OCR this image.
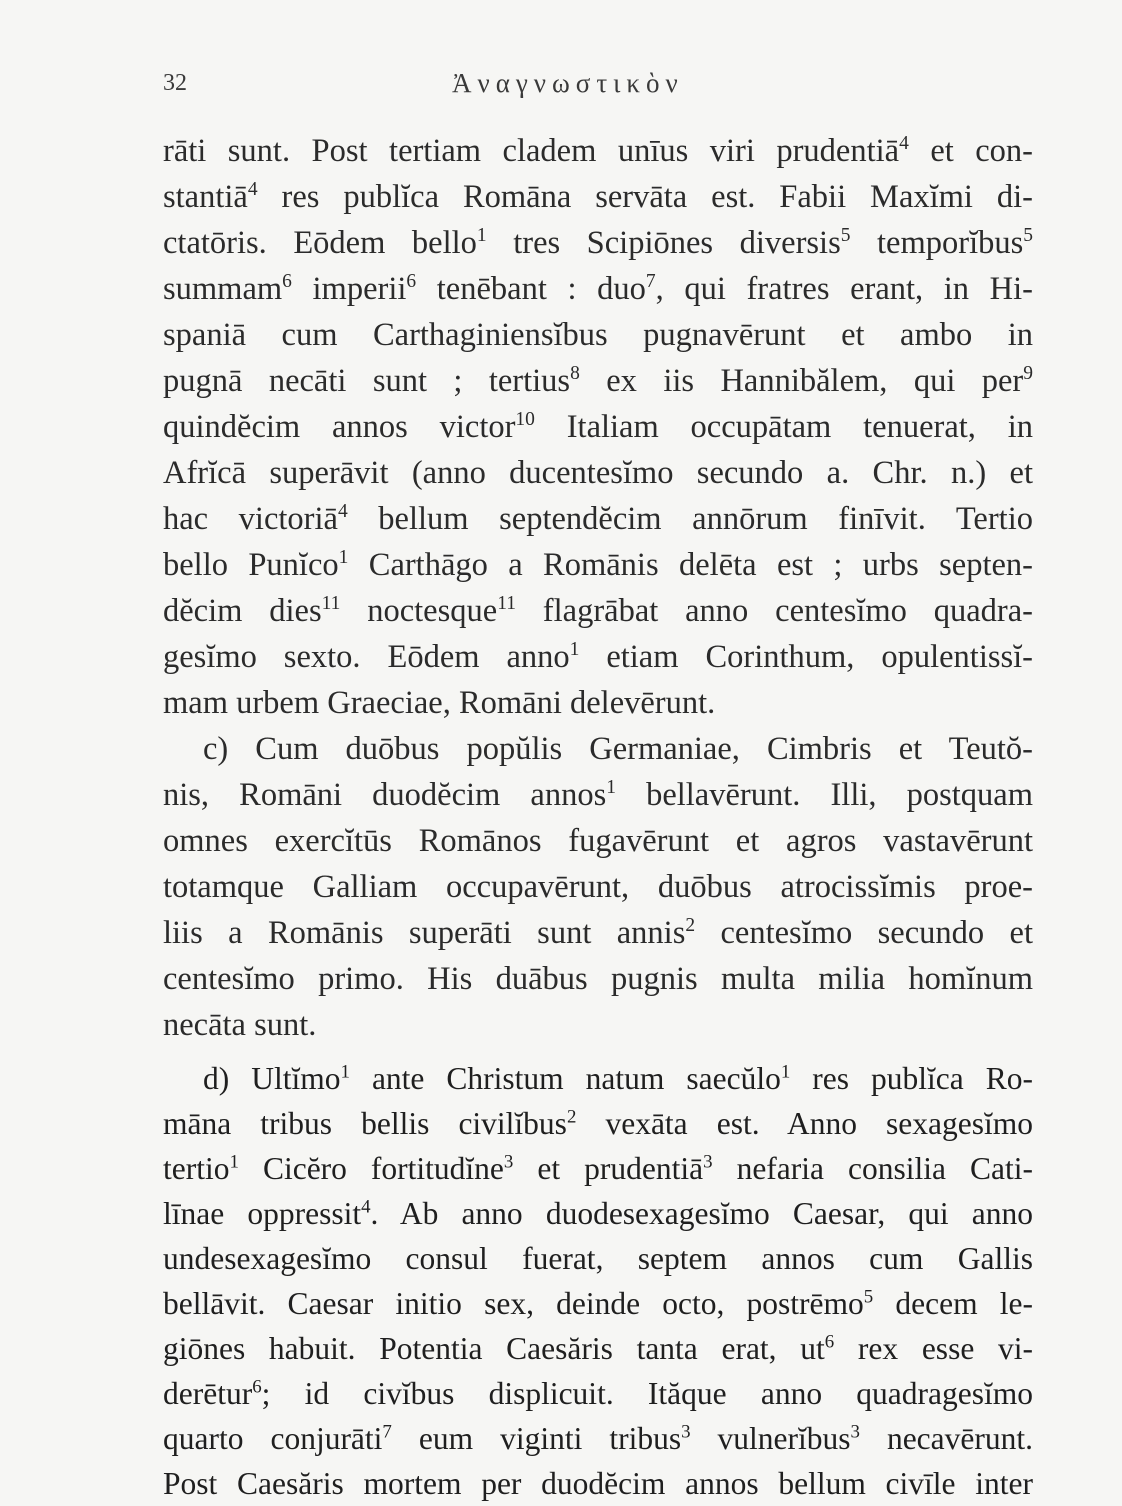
32	Ἀναγνωστικὸν
rāti sunt. Post tertiam cladem unīus viri prudentiā$^4$ et con-
stantiā$^4$ res publĭca Romāna servāta est. Fabii Maxĭmi di-
ctatōris. Eōdem bello$^1$ tres Scipiōnes diversis$^5$ temporĭbus$^5$
summam$^6$ imperii$^6$ tenēbant : duo$^7$, qui fratres erant, in Hi-
spaniā cum Carthaginiensĭbus pugnavērunt et ambo in
pugnā necāti sunt ; tertius$^8$ ex iis Hannibălem, qui per$^9$
quindĕcim annos victor$^{10}$ Italiam occupātam tenuerat, in
Afrĭcā superāvit (anno ducentesĭmo secundo a. Chr. n.) et
hac victoriā$^4$ bellum septendĕcim annōrum finīvit. Tertio
bello Punĭco$^1$ Carthāgo a Romānis delēta est ; urbs septen-
dĕcim dies$^{11}$ noctesque$^{11}$ flagrābat anno centesĭmo quadra-
gesĭmo sexto. Eōdem anno$^1$ etiam Corinthum, opulentissĭ-
mam urbem Graeciae, Romāni delevērunt.
c) Cum duōbus popŭlis Germaniae, Cimbris et Teutŏ-
nis, Romāni duodĕcim annos$^1$ bellavērunt. Illi, postquam
omnes exercĭtūs Romānos fugavērunt et agros vastavērunt
totamque Galliam occupavērunt, duōbus atrocissĭmis proe-
liis a Romānis superāti sunt annis$^2$ centesĭmo secundo et
centesĭmo primo. His duābus pugnis multa milia homĭnum
necāta sunt.
d) Ultĭmo$^1$ ante Christum natum saecŭlo$^1$ res publĭca Ro-
māna tribus bellis civilĭbus$^2$ vexāta est. Anno sexagesĭmo
tertio$^1$ Cicĕro fortitudĭne$^3$ et prudentiā$^3$ nefaria consilia Cati-
līnae oppressit$^4$. Ab anno duodesexagesĭmo Caesar, qui anno
undesexagesĭmo consul fuerat, septem annos cum Gallis
bellāvit. Caesar initio sex, deinde octo, postrēmo$^5$ decem le-
giōnes habuit. Potentia Caesăris tanta erat, $ut^6$ rex esse vi-
derētur$^6$; id civĭbus displicuit. Ităque anno quadragesĭmo
quarto conjurāti$^7$ eum viginti tribus$^3$ vulnerĭbus$^3$ necavērunt.
Post Caesăris mortem per duodĕcim annos bellum civīle inter
